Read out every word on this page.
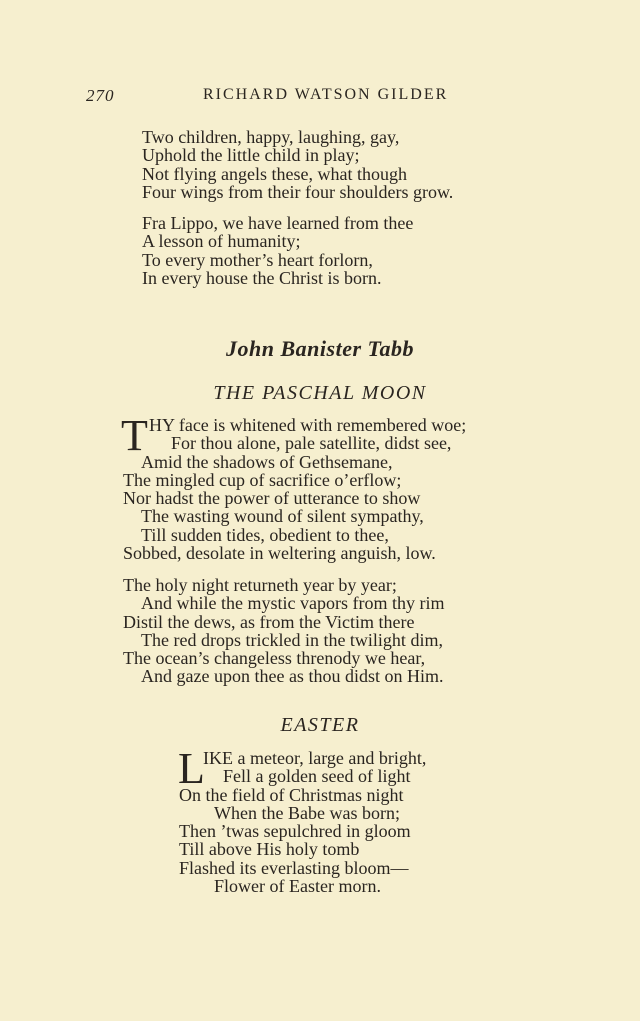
270	RICHARD WATSON GILDER
Two children, happy, laughing, gay,
Uphold the little child in play;
Not flying angels these, what though
Four wings from their four shoulders grow.
Fra Lippo, we have learned from thee
A lesson of humanity;
To every mother’s heart forlorn,
In every house the Christ is born.
John Banister Tabb
THE PASCHAL MOON
T HY face is whitened with remembered woe;
For thou alone, pale satellite, didst see,
Amid the shadows of Gethsemane,
The mingled cup of sacrifice o’erflow;
Nor hadst the power of utterance to show
The wasting wound of silent sympathy,
Till sudden tides, obedient to thee,
Sobbed, desolate in weltering anguish, low.
The holy night returneth year by year;
And while the mystic vapors from thy rim
Distil the dews, as from the Victim there
The red drops trickled in the twilight dim,
The ocean’s changeless threnody we hear,
And gaze upon thee as thou didst on Him.
EASTER
L
IKE a meteor, large and bright,
Fell a golden seed of light
On the field of Christmas night
When the Babe was born;
Then ’twas sepulchred in gloom
Till above His holy tomb
Flashed its everlasting bloom—
Flower of Easter morn.
